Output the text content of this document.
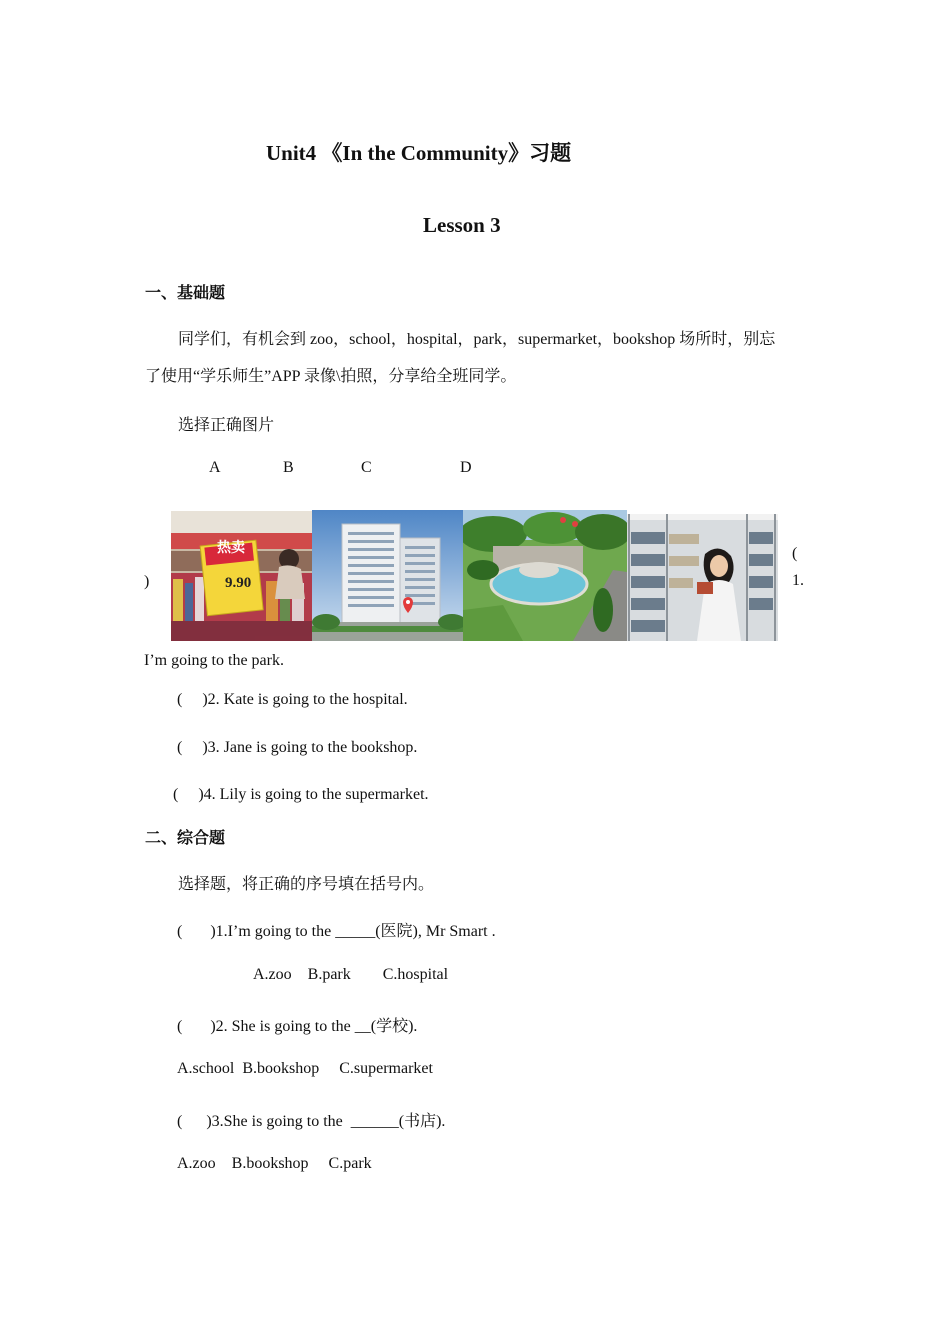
Unit4 《In the Community》习题
Lesson 3
一、基础题
同学们，有机会到 zoo，school，hospital，park，supermarket，bookshop 场所时，别忘
了使用“学乐师生”APP 录像\拍照，分享给全班同学。
选择正确图片
A	B	C	D
)
热卖
9.90
(
1.
I’m going to the park.
(     )2. Kate is going to the hospital.
(     )3. Jane is going to the bookshop.
(     )4. Lily is going to the supermarket.
二、综合题
选择题，将正确的序号填在括号内。
(       )1.I’m going to the _____(医院), Mr Smart .
A.zoo    B.park        C.hospital
(       )2. She is going to the __(学校).
A.school  B.bookshop     C.supermarket
(      )3.She is going to the  ______(书店).
A.zoo    B.bookshop     C.park
